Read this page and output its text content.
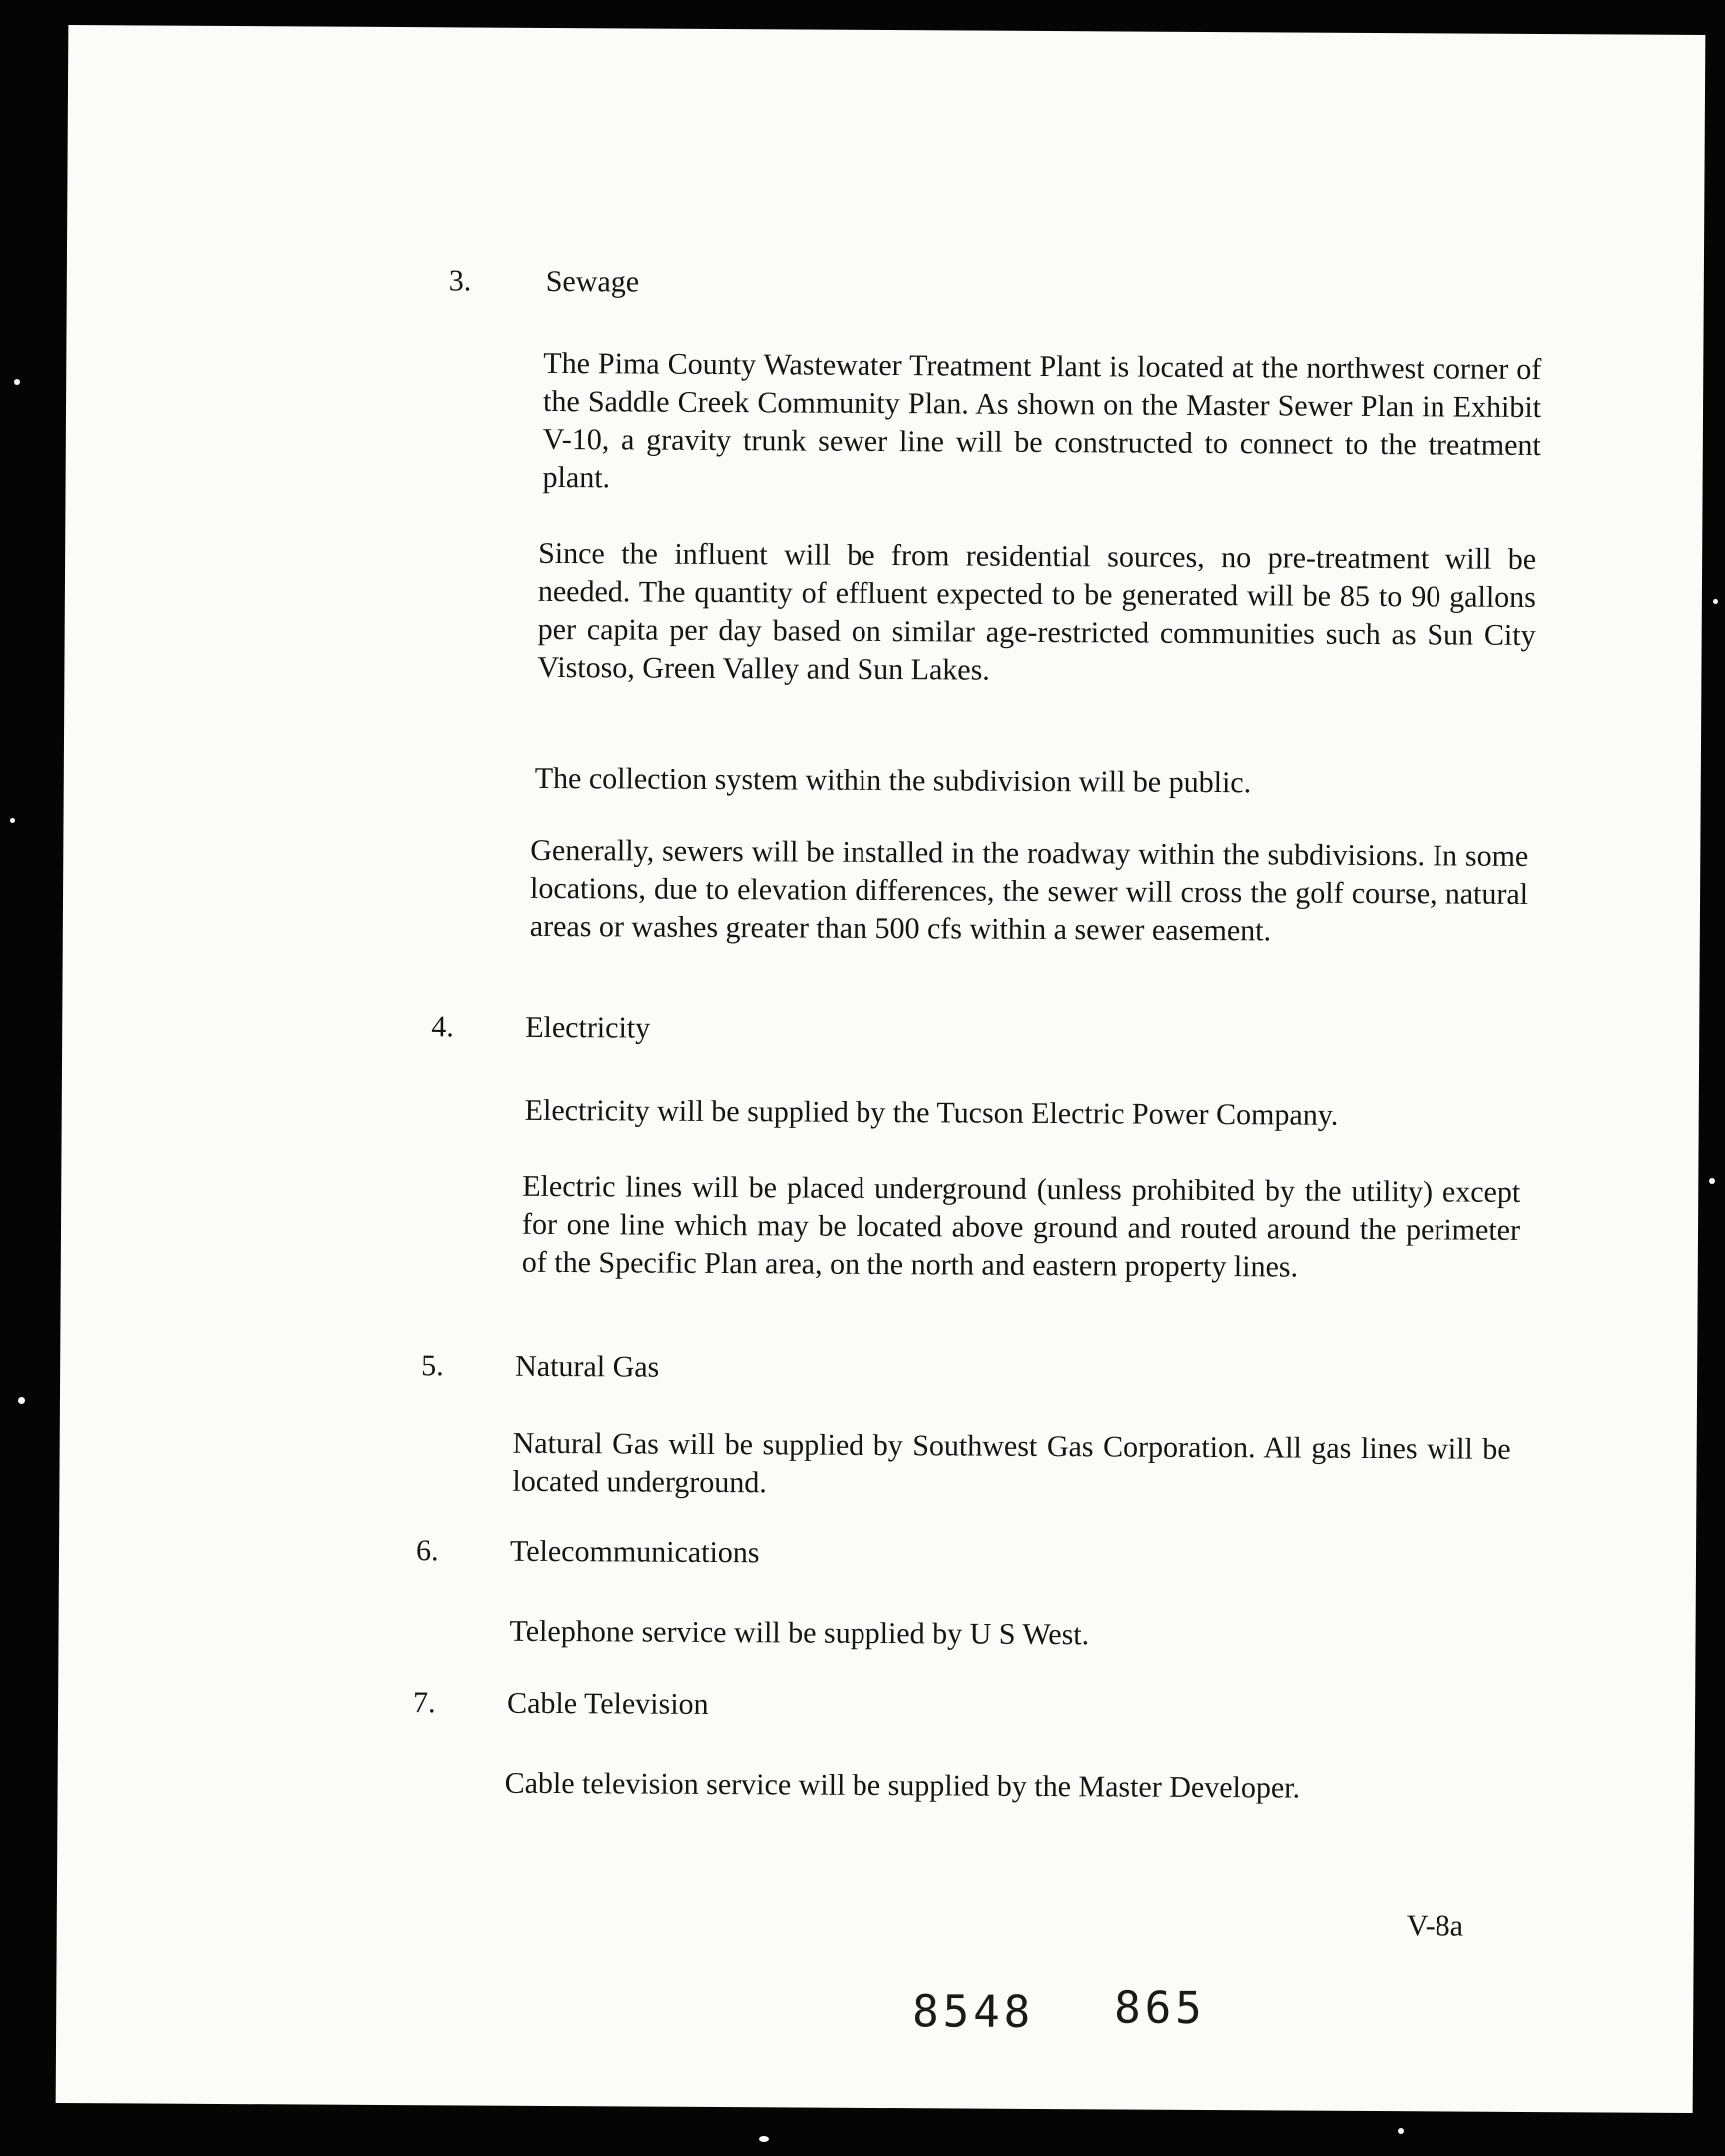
3. Sewage

The Pima County Wastewater Treatment Plant is located at the northwest corner of the Saddle Creek Community Plan. As shown on the Master Sewer Plan in Exhibit V-10, a gravity trunk sewer line will be constructed to connect to the treatment plant.

Since the influent will be from residential sources, no pre-treatment will be needed. The quantity of effluent expected to be generated will be 85 to 90 gallons per capita per day based on similar age-restricted communities such as Sun City Vistoso, Green Valley and Sun Lakes.

The collection system within the subdivision will be public.

Generally, sewers will be installed in the roadway within the subdivisions. In some locations, due to elevation differences, the sewer will cross the golf course, natural areas or washes greater than 500 cfs within a sewer easement.

4. Electricity

Electricity will be supplied by the Tucson Electric Power Company.

Electric lines will be placed underground (unless prohibited by the utility) except for one line which may be located above ground and routed around the perimeter of the Specific Plan area, on the north and eastern property lines.

5. Natural Gas

Natural Gas will be supplied by Southwest Gas Corporation. All gas lines will be located underground.

6. Telecommunications

Telephone service will be supplied by U S West.

7. Cable Television

Cable television service will be supplied by the Master Developer.

V-8a
8548 865
